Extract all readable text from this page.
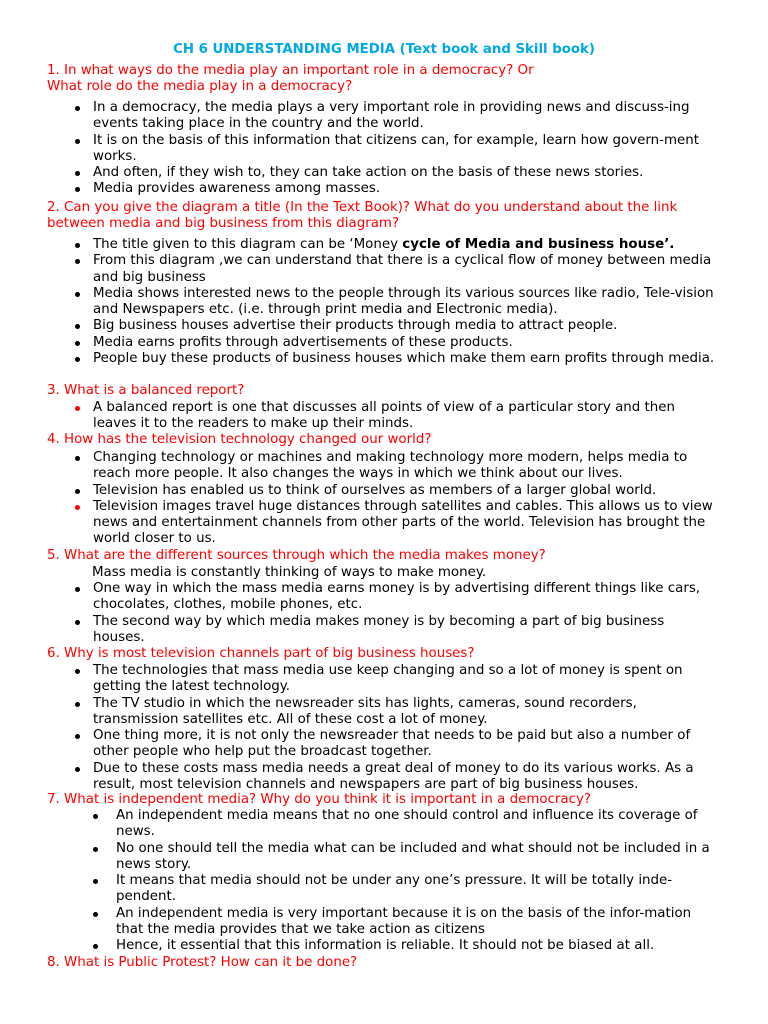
CH 6 UNDERSTANDING MEDIA (Text book and Skill book)
1. In what ways do the media play an important role in a democracy? Or
What role do the media play in a democracy?
In a democracy, the media plays a very important role in providing news and discuss-ing events taking place in the country and the world.
It is on the basis of this information that citizens can, for example, learn how govern-ment works.
And often, if they wish to, they can take action on the basis of these news stories.
Media provides awareness among masses.
2. Can you give the diagram a title (In the Text Book)? What do you understand about the link between media and big business from this diagram?
The title given to this diagram can be ‘Money cycle of Media and business house’.
From this diagram ,we can understand that there is a cyclical flow of money between media and big business
Media shows interested news to the people through its various sources like radio, Tele-vision and Newspapers etc. (i.e. through print media and Electronic media).
Big business houses advertise their products through media to attract people.
Media earns profits through advertisements of these products.
People buy these products of business houses which make them earn profits through media.
3. What is a balanced report?
A balanced report is one that discusses all points of view of a particular story and then leaves it to the readers to make up their minds.
4. How has the television technology changed our world?
Changing technology or machines and making technology more modern, helps media to reach more people. It also changes the ways in which we think about our lives.
Television has enabled us to think of ourselves as members of a larger global world.
Television images travel huge distances through satellites and cables. This allows us to view news and entertainment channels from other parts of the world. Television has brought the world closer to us.
5. What are the different sources through which the media makes money?
Mass media is constantly thinking of ways to make money.
One way in which the mass media earns money is by advertising different things like cars, chocolates, clothes, mobile phones, etc.
The second way by which media makes money is by becoming a part of big business houses.
6. Why is most television channels part of big business houses?
The technologies that mass media use keep changing and so a lot of money is spent on getting the latest technology.
The TV studio in which the newsreader sits has lights, cameras, sound recorders, transmission satellites etc. All of these cost a lot of money.
One thing more, it is not only the newsreader that needs to be paid but also a number of other people who help put the broadcast together.
Due to these costs mass media needs a great deal of money to do its various works. As a result, most television channels and newspapers are part of big business houses.
7. What is independent media? Why do you think it is important in a democracy?
An independent media means that no one should control and influence its coverage of news.
No one should tell the media what can be included and what should not be included in a news story.
It means that media should not be under any one’s pressure. It will be totally inde-pendent.
An independent media is very important because it is on the basis of the infor-mation that the media provides that we take action as citizens
Hence, it essential that this information is reliable. It should not be biased at all.
8. What is Public Protest? How can it be done?
